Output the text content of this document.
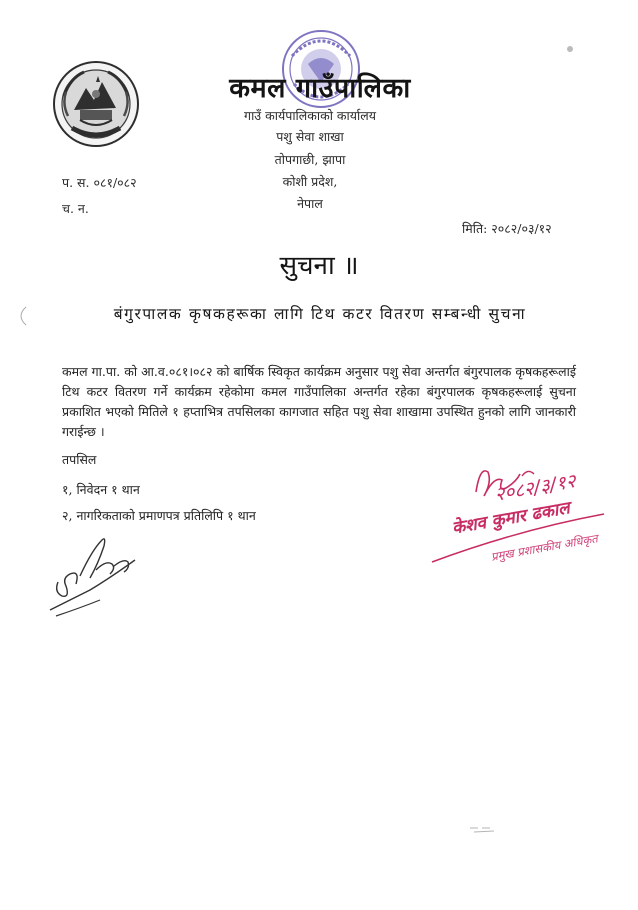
कमल गाउँपालिका
गाउँ कार्यपालिकाको कार्यालय
पशु सेवा शाखा
तोपगाछी, झापा
कोशी प्रदेश,
नेपाल
प. स. ०८१/०८२
च. न.
मिति: २०८२/०३/१२
सुचना ॥
बंगुरपालक कृषकहरूका लागि टिथ कटर वितरण सम्बन्धी सुचना
कमल गा.पा. को आ.व.०८१।०८२ को बार्षिक स्विकृत कार्यक्रम अनुसार पशु सेवा अन्तर्गत बंगुरपालक कृषकहरूलाई टिथ कटर वितरण गर्ने कार्यक्रम रहेकोमा कमल गाउँपालिका अन्तर्गत रहेका बंगुरपालक कृषकहरूलाई सुचना प्रकाशित भएको मितिले १ हप्ताभित्र तपसिलका कागजात सहित पशु सेवा शाखामा उपस्थित हुनको लागि जानकारी गराईन्छ ।
तपसिल
१, निवेदन १ थान
२, नागरिकताको प्रमाणपत्र प्रतिलिपि १ थान
२०८२/३/१२
केशव कुमार ढकाल
प्रमुख प्रशासकीय अधिकृत
